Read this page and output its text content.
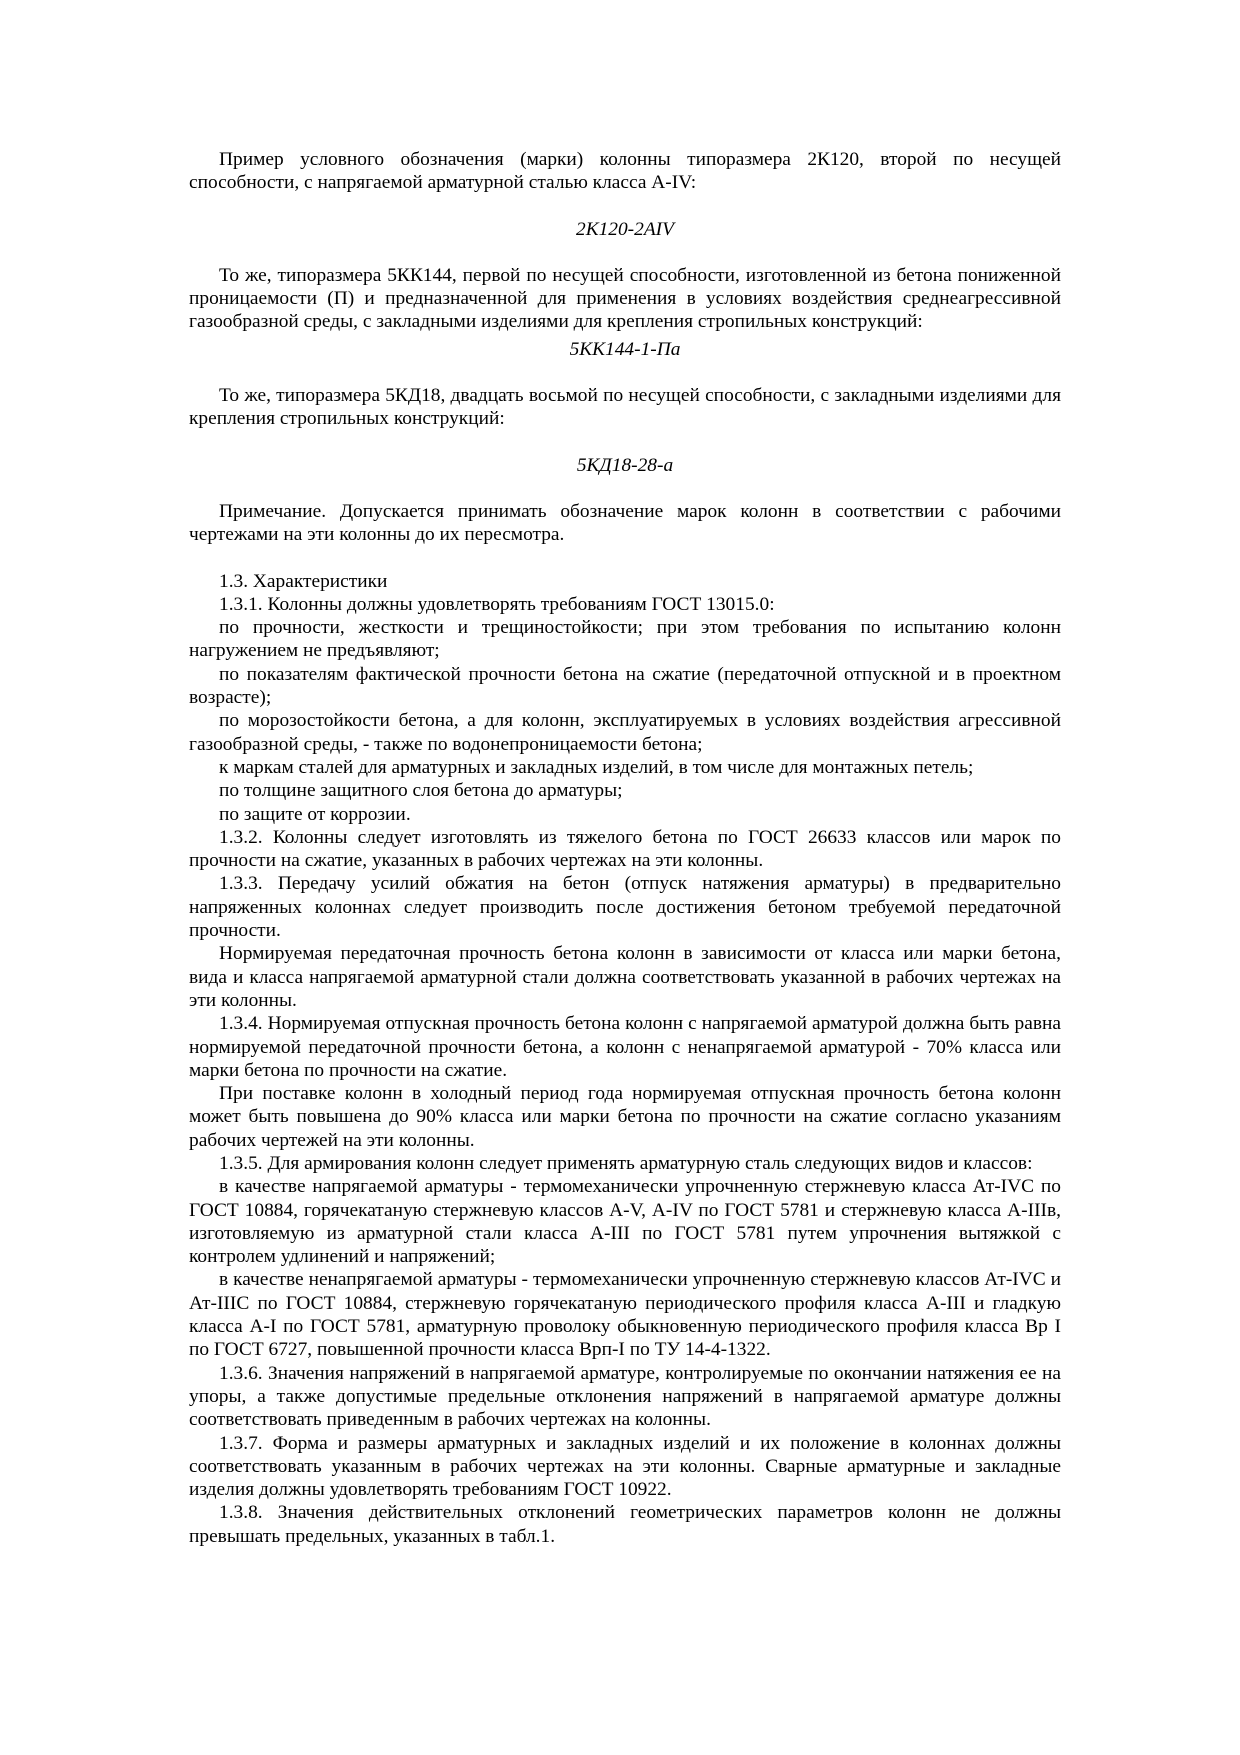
Пример условного обозначения (марки) колонны типоразмера 2К120, второй по несущей способности, с напрягаемой арматурной сталью класса A-IV:

2К120-2AIV

То же, типоразмера 5КК144, первой по несущей способности, изготовленной из бетона пониженной проницаемости (П) и предназначенной для применения в условиях воздействия среднеагрессивной газообразной среды, с закладными изделиями для крепления стропильных конструкций:

5КК144-1-Па

То же, типоразмера 5КД18, двадцать восьмой по несущей способности, с закладными изделиями для крепления стропильных конструкций:

5КД18-28-а

Примечание. Допускается принимать обозначение марок колонн в соответствии с рабочими чертежами на эти колонны до их пересмотра.

1.3. Характеристики

1.3.1. Колонны должны удовлетворять требованиям ГОСТ 13015.0:

по прочности, жесткости и трещиностойкости; при этом требования по испытанию колонн нагружением не предъявляют;

по показателям фактической прочности бетона на сжатие (передаточной отпускной и в проектном возрасте);

по морозостойкости бетона, а для колонн, эксплуатируемых в условиях воздействия агрессивной газообразной среды, - также по водонепроницаемости бетона;

к маркам сталей для арматурных и закладных изделий, в том числе для монтажных петель;

по толщине защитного слоя бетона до арматуры;

по защите от коррозии.

1.3.2. Колонны следует изготовлять из тяжелого бетона по ГОСТ 26633 классов или марок по прочности на сжатие, указанных в рабочих чертежах на эти колонны.

1.3.3. Передачу усилий обжатия на бетон (отпуск натяжения арматуры) в предварительно напряженных колоннах следует производить после достижения бетоном требуемой передаточной прочности.

Нормируемая передаточная прочность бетона колонн в зависимости от класса или марки бетона, вида и класса напрягаемой арматурной стали должна соответствовать указанной в рабочих чертежах на эти колонны.

1.3.4. Нормируемая отпускная прочность бетона колонн с напрягаемой арматурой должна быть равна нормируемой передаточной прочности бетона, а колонн с ненапрягаемой арматурой - 70% класса или марки бетона по прочности на сжатие.

При поставке колонн в холодный период года нормируемая отпускная прочность бетона колонн может быть повышена до 90% класса или марки бетона по прочности на сжатие согласно указаниям рабочих чертежей на эти колонны.

1.3.5. Для армирования колонн следует применять арматурную сталь следующих видов и классов:

в качестве напрягаемой арматуры - термомеханически упрочненную стержневую класса Ат-IVC по ГОСТ 10884, горячекатаную стержневую классов А-V, А-IV по ГОСТ 5781 и стержневую класса А-IIIв, изготовляемую из арматурной стали класса А-III по ГОСТ 5781 путем упрочнения вытяжкой с контролем удлинений и напряжений;

в качестве ненапрягаемой арматуры - термомеханически упрочненную стержневую классов Ат-IVC и Ат-IIIC по ГОСТ 10884, стержневую горячекатаную периодического профиля класса А-III и гладкую класса А-I по ГОСТ 5781, арматурную проволоку обыкновенную периодического профиля класса Вр I по ГОСТ 6727, повышенной прочности класса Врп-I по ТУ 14-4-1322.

1.3.6. Значения напряжений в напрягаемой арматуре, контролируемые по окончании натяжения ее на упоры, а также допустимые предельные отклонения напряжений в напрягаемой арматуре должны соответствовать приведенным в рабочих чертежах на колонны.

1.3.7. Форма и размеры арматурных и закладных изделий и их положение в колоннах должны соответствовать указанным в рабочих чертежах на эти колонны. Сварные арматурные и закладные изделия должны удовлетворять требованиям ГОСТ 10922.

1.3.8. Значения действительных отклонений геометрических параметров колонн не должны превышать предельных, указанных в табл.1.
